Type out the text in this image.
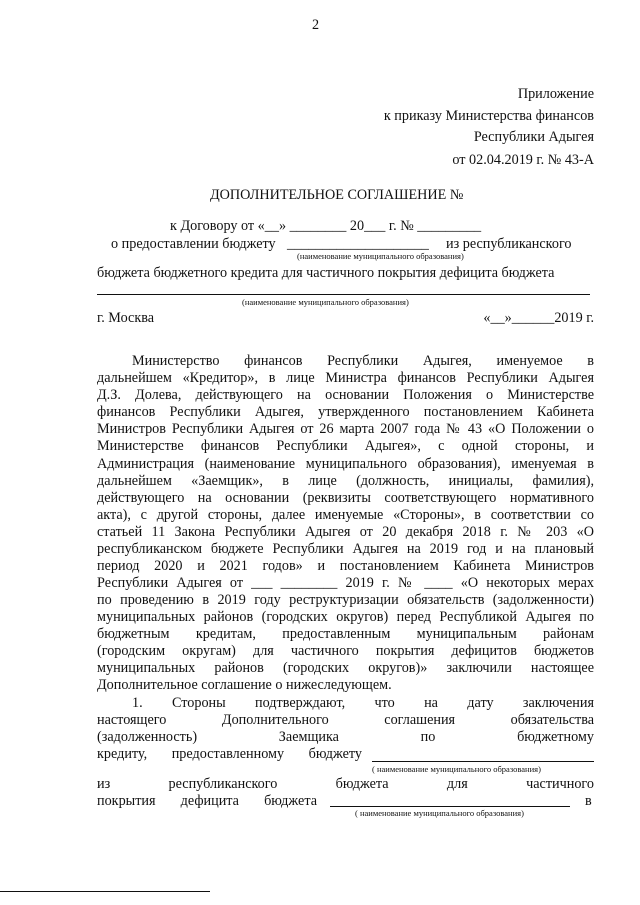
2
Приложение
к приказу Министерства финансов
Республики Адыгея
от 02.04.2019 г. № 43-А
ДОПОЛНИТЕЛЬНОЕ СОГЛАШЕНИЕ №
к Договору от «__» ________ 20___ г. № _________
о предоставлении бюджету ____________________ из республиканского
(наименование муниципального образования)
бюджета бюджетного кредита для частичного покрытия дефицита бюджета
(наименование муниципального образования)
г. Москва	«__»______2019 г.
Министерство финансов Республики Адыгея, именуемое в
дальнейшем «Кредитор», в лице Министра финансов Республики Адыгея
Д.З. Долева, действующего на основании Положения о Министерстве
финансов Республики Адыгея, утвержденного постановлением Кабинета
Министров Республики Адыгея от 26 марта 2007 года № 43 «О Положении о
Министерстве финансов Республики Адыгея», с одной стороны, и
Администрация (наименование муниципального образования), именуемая в
дальнейшем «Заемщик», в лице (должность, инициалы, фамилия),
действующего на основании (реквизиты соответствующего нормативного
акта), с другой стороны, далее именуемые «Стороны», в соответствии со
статьей 11 Закона Республики Адыгея от 20 декабря 2018 г. № 203 «О
республиканском бюджете Республики Адыгея на 2019 год и на плановый
период 2020 и 2021 годов» и постановлением Кабинета Министров
Республики Адыгея от ___ ________ 2019 г. № ____ «О некоторых мерах
по проведению в 2019 году реструктуризации обязательств (задолженности)
муниципальных районов (городских округов) перед Республикой Адыгея по
бюджетным кредитам, предоставленным муниципальным районам
(городским округам) для частичного покрытия дефицитов бюджетов
муниципальных районов (городских округов)» заключили настоящее
Дополнительное соглашение о нижеследующем.
1. Стороны подтверждают, что на дату заключения
настоящего Дополнительного соглашения обязательства
(задолженность) Заемщика по бюджетному
кредиту, предоставленному бюджету
( наименование муниципального образования)
из республиканского бюджета для частичного
покрытия дефицита бюджета	в
( наименование муниципального образования)
